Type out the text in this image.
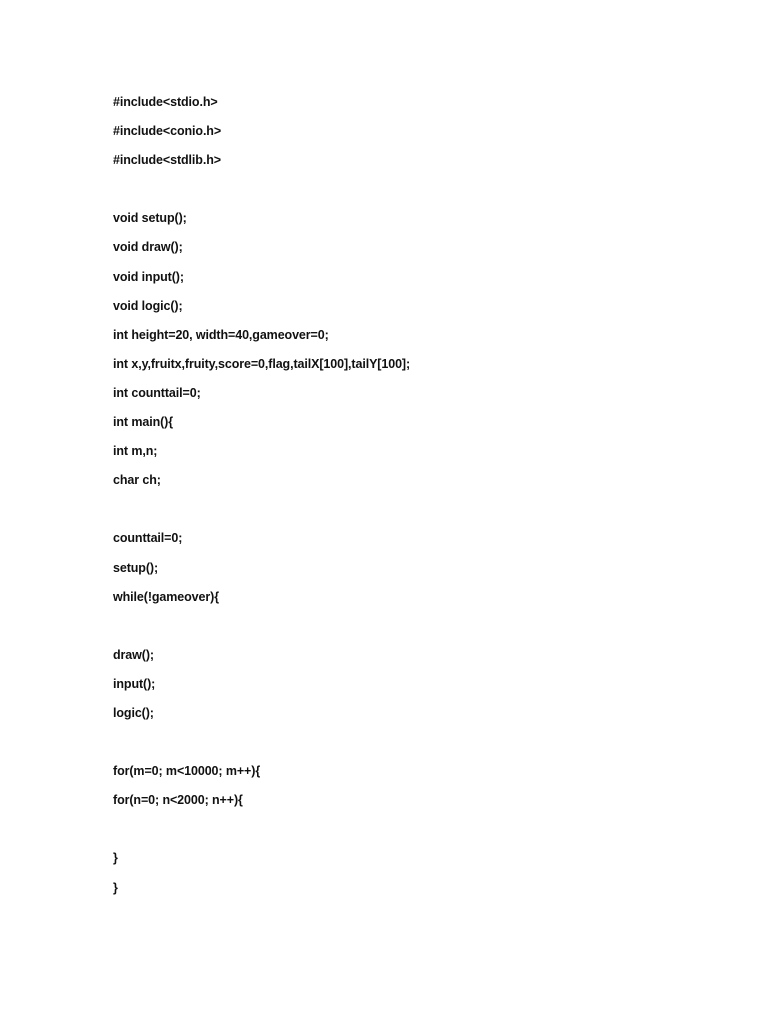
#include<stdio.h>
#include<conio.h>
#include<stdlib.h>
void setup();
void draw();
void input();
void logic();
int height=20, width=40,gameover=0;
int x,y,fruitx,fruity,score=0,flag,tailX[100],tailY[100];
int counttail=0;
int main(){
int m,n;
char ch;
counttail=0;
setup();
while(!gameover){
draw();
input();
logic();
for(m=0; m<10000; m++){
for(n=0; n<2000; n++){
}
}
